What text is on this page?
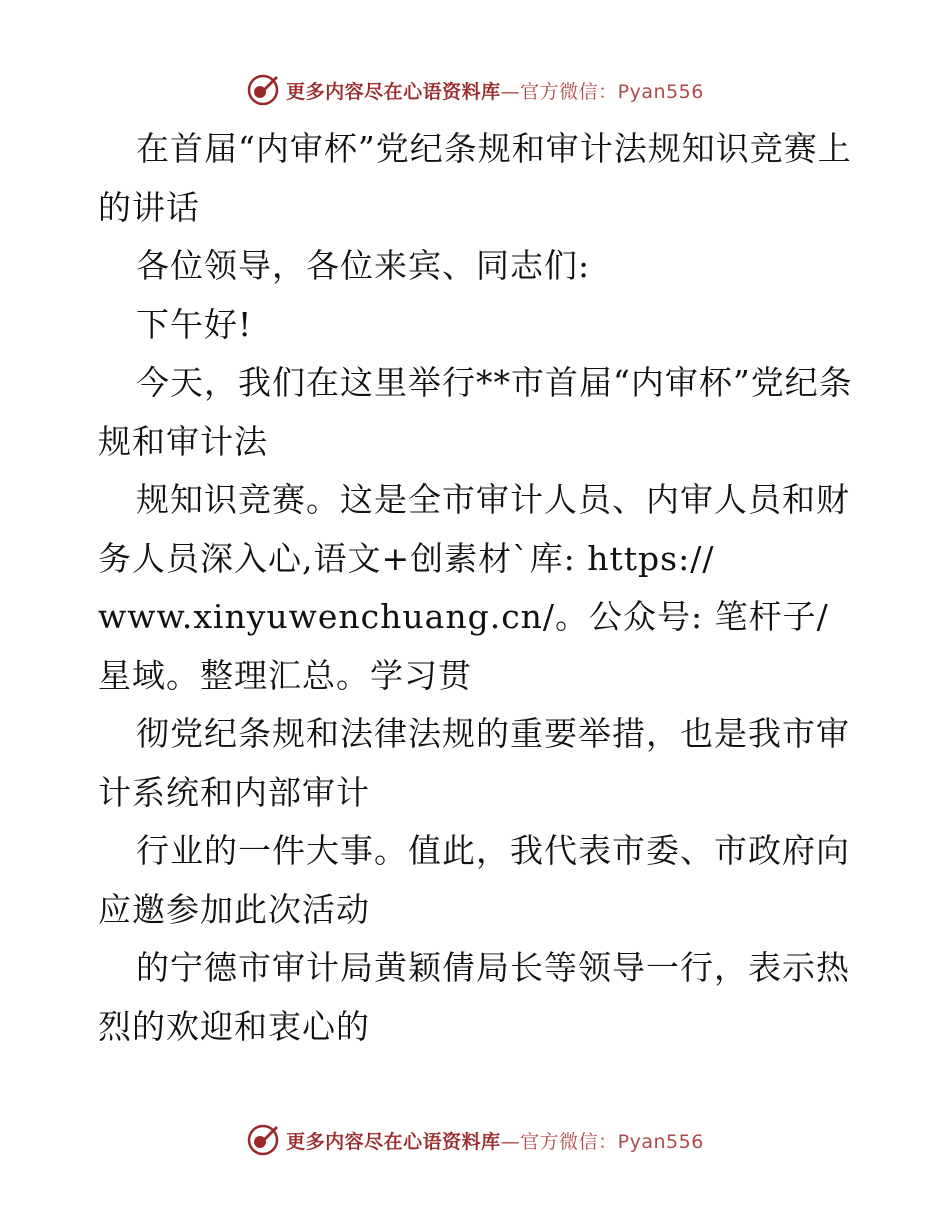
更多内容尽在心语资料库—官方微信：Pyan556

在首届“内审杯”党纪条规和审计法规知识竞赛上的讲话

各位领导，各位来宾、同志们:

下午好!

今天，我们在这里举行**市首届“内审杯”党纪条规和审计法

规知识竞赛。这是全市审计人员、内审人员和财务人员深入心,语文+创素材`库: https://

www.xinyuwenchuang.cn/。公众号: 笔杆子/星域。整理汇总。学习贯

彻党纪条规和法律法规的重要举措，也是我市审计系统和内部审计

行业的一件大事。值此，我代表市委、市政府向应邀参加此次活动

的宁德市审计局黄颖倩局长等领导一行，表示热烈的欢迎和衷心的

更多内容尽在心语资料库—官方微信：Pyan556
